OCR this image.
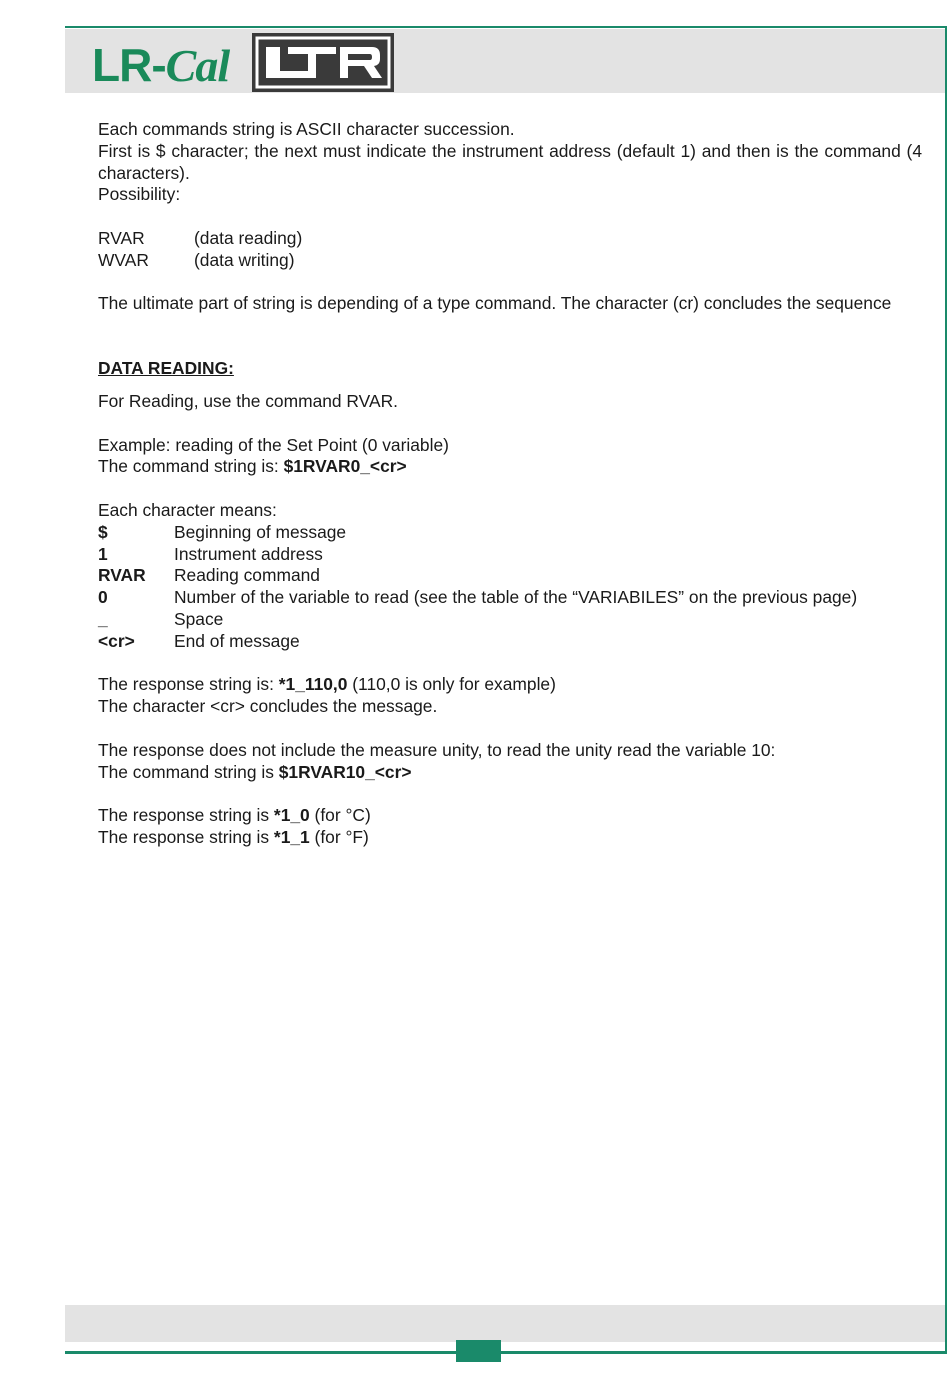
LR-Cal

Each commands string is ASCII character succession.

First is $ character; the next must indicate the instrument address (default 1) and then is the command (4 characters).

Possibility:

RVAR	(data reading)
WVAR	(data writing)

The ultimate part of string is depending of a type command. The character (cr) concludes the sequence

DATA READING:

For Reading, use the command RVAR.

Example: reading of the Set Point (0 variable)

The command string is: $1RVAR0_<cr>

Each character means:

$	Beginning of message
1	Instrument address
RVAR	Reading command
0	Number of the variable to read (see the table of the “VARIABILES” on the previous page)
_	Space
<cr>	End of message

The response string is: *1_110,0 (110,0 is only for example)

The character <cr> concludes the message.

The response does not include the measure unity, to read the unity read the variable 10:

The command string is $1RVAR10_<cr>

The response string is *1_0 (for °C)

The response string is *1_1 (for °F)
